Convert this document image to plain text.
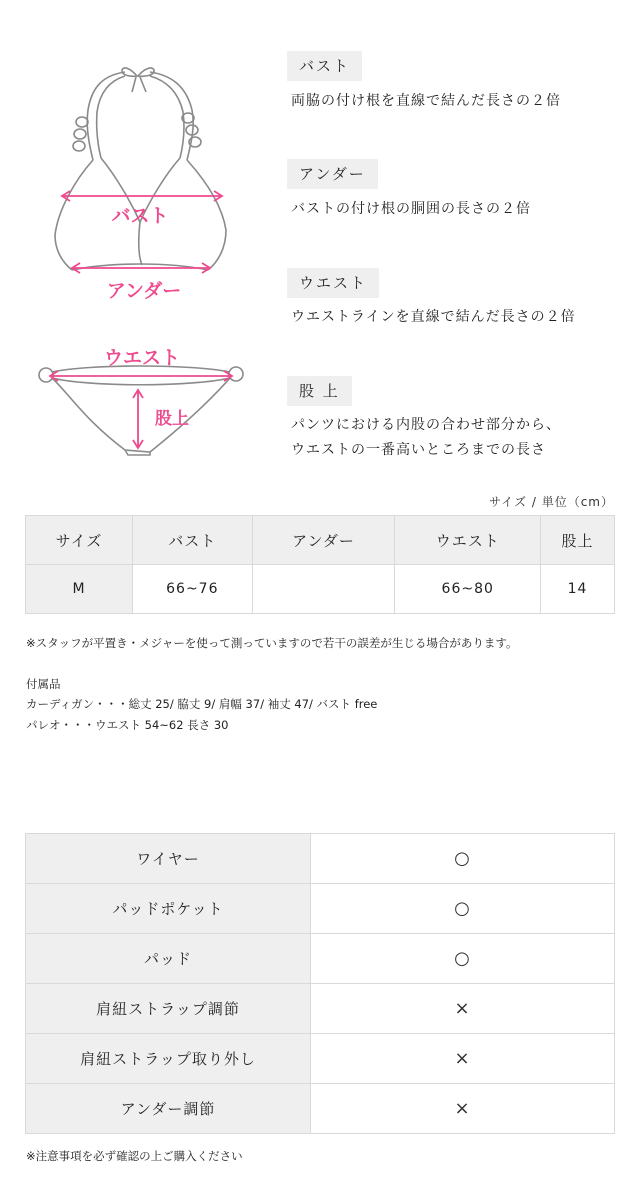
バスト
アンダー
ウエスト
股上
バスト
両脇の付け根を直線で結んだ長さの２倍
アンダー
バストの付け根の胴囲の長さの２倍
ウエスト
ウエストラインを直線で結んだ長さの２倍
股 上
パンツにおける内股の合わせ部分から、
ウエストの一番高いところまでの長さ
サイズ / 単位（cm）
サイズ	バスト	アンダー	ウエスト	股上
M	66~76		66~80	14
※スタッフが平置き・メジャーを使って測っていますので若干の誤差が生じる場合があります。
付属品
カーディガン・・・総丈 25/ 脇丈 9/ 肩幅 37/ 袖丈 47/ バスト free
パレオ・・・ウエスト 54~62 長さ 30
ワイヤー	○
パッドポケット	○
パッド	○
肩紐ストラップ調節	×
肩紐ストラップ取り外し	×
アンダー調節	×
※注意事項を必ず確認の上ご購入ください
